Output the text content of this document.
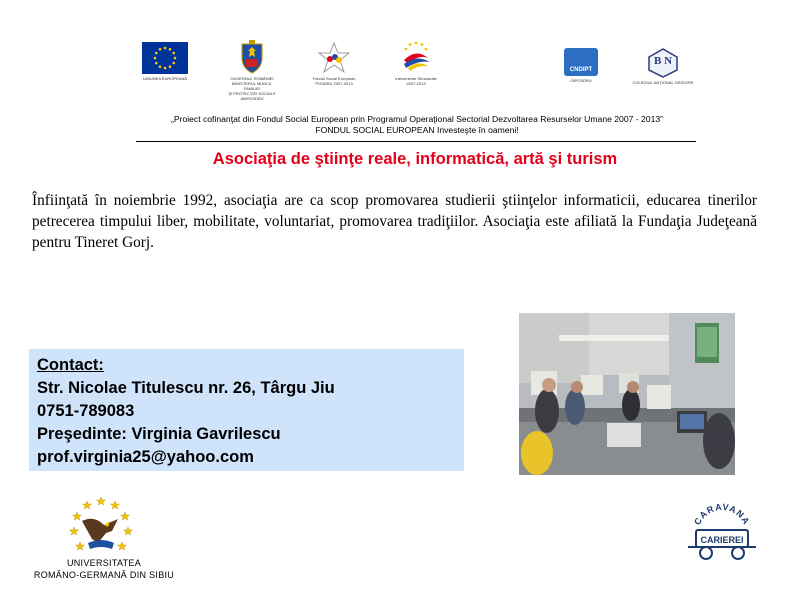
UNIUNEA EUROPEANĂ	GUVERNUL ROMÂNIEI
MINISTERUL MUNCII, FAMILIEI
ŞI PROTECŢIEI SOCIALE
AMPOSDRU
Fondul Social European
POSDRU 2007-2013
Instrumente Structurale
2007-2013
CNDIPT
OIPOSDRU
B N
COLEGIUL NAŢIONAL GRIGORE
„Proiect cofinanţat din Fondul Social European prin Programul Operaţional Sectorial Dezvoltarea Resurselor Umane 2007 - 2013”
FONDUL SOCIAL EUROPEAN Investeşte în oameni!
Asociaţia de ştiinţe reale, informatică, artă şi turism
Înfiinţată în noiembrie 1992, asociaţia are ca scop promovarea studierii ştiinţelor informaticii, educarea tinerilor petrecerea timpului liber, mobilitate, voluntariat, promovarea tradiţiilor. Asociaţia este afiliată la Fundaţia Judeţeană pentru Tineret Gorj.
Contact:
Str. Nicolae Titulescu nr. 26, Târgu Jiu
0751-789083
Preşedinte: Virginia Gavrilescu
prof.virginia25@yahoo.com
UNIVERSITATEA
ROMÂNO-GERMANĂ DIN SIBIU
CARAVANA
CARIEREI
